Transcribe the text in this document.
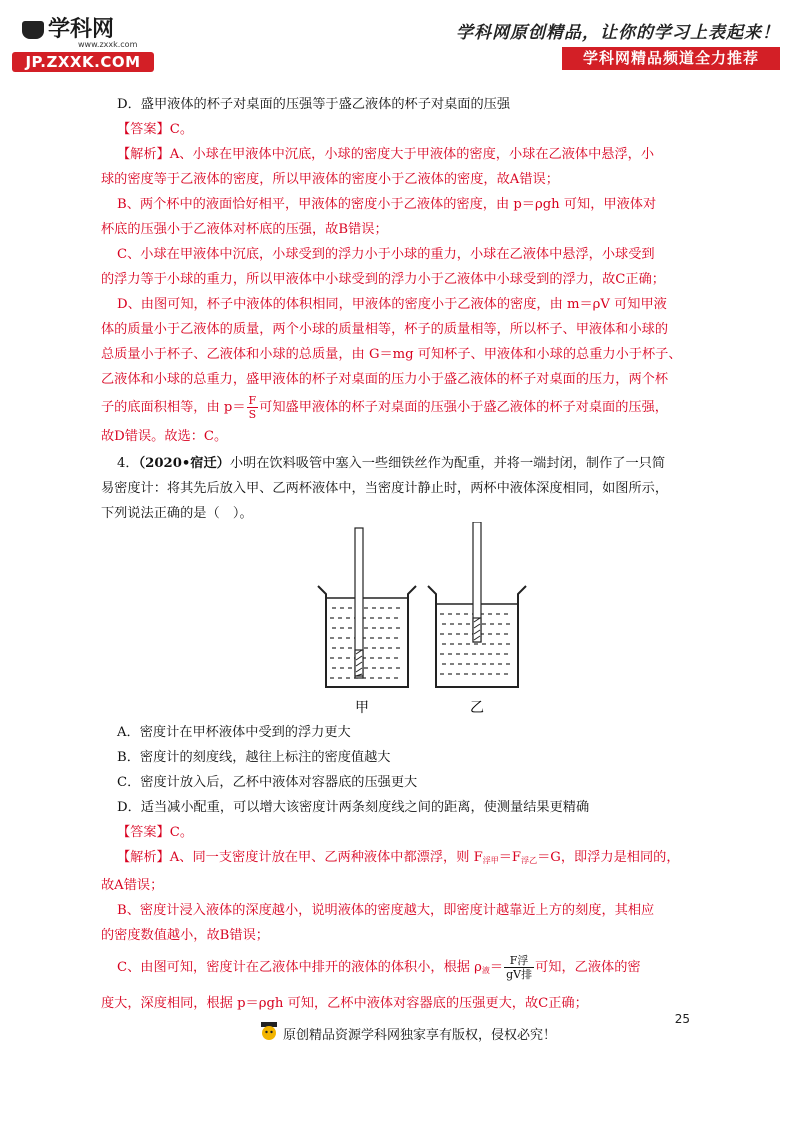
学科网
www.zxxk.com
JP.ZXXK.COM
学科网原创精品，让你的学习上表起来！
学科网精品频道全力推荐

D．盛甲液体的杯子对桌面的压强等于盛乙液体的杯子对桌面的压强

【答案】C。

【解析】A、小球在甲液体中沉底，小球的密度大于甲液体的密度，小球在乙液体中悬浮，小

球的密度等于乙液体的密度，所以甲液体的密度小于乙液体的密度，故A错误；

B、两个杯中的液面恰好相平，甲液体的密度小于乙液体的密度，由 p＝ρgh 可知，甲液体对

杯底的压强小于乙液体对杯底的压强，故B错误；

C、小球在甲液体中沉底，小球受到的浮力小于小球的重力，小球在乙液体中悬浮，小球受到

的浮力等于小球的重力，所以甲液体中小球受到的浮力小于乙液体中小球受到的浮力，故C正确；

D、由图可知，杯子中液体的体积相同，甲液体的密度小于乙液体的密度，由 m＝ρV 可知甲液

体的质量小于乙液体的质量，两个小球的质量相等，杯子的质量相等，所以杯子、甲液体和小球的

总质量小于杯子、乙液体和小球的总质量，由 G＝mg 可知杯子、甲液体和小球的总重力小于杯子、

乙液体和小球的总重力，盛甲液体的杯子对桌面的压力小于盛乙液体的杯子对桌面的压力，两个杯

子的底面积相等，由 $p= \frac{F}{S}$ 可知盛甲液体的杯子对桌面的压强小于盛乙液体的杯子对桌面的压强，

故D错误。故选：C。

4．（2020•宿迁）小明在饮料吸管中塞入一些细铁丝作为配重，并将一端封闭，制作了一只简

易密度计：将其先后放入甲、乙两杯液体中，当密度计静止时，两杯中液体深度相同，如图所示，

下列说法正确的是（　）。

甲	乙

A．密度计在甲杯液体中受到的浮力更大

B．密度计的刻度线，越往上标注的密度值越大

C．密度计放入后，乙杯中液体对容器底的压强更大

D．适当减小配重，可以增大该密度计两条刻度线之间的距离，使测量结果更精确

【答案】C。

【解析】A、同一支密度计放在甲、乙两种液体中都漂浮，则 $F_{浮甲}=F_{浮乙}=G$，即浮力是相同的，

故A错误；

B、密度计浸入液体的深度越小，说明液体的密度越大，即密度计越靠近上方的刻度，其相应

的密度数值越小，故B错误；

C、由图可知，密度计在乙液体中排开的液体的体积小，根据 $\rho_液= \frac{\text{F浮}}{\text{gV排}}$ 可知，乙液体的密

度大，深度相同，根据 p＝ρgh 可知，乙杯中液体对容器底的压强更大，故C正确；

25
原创精品资源学科网独家享有版权，侵权必究！
